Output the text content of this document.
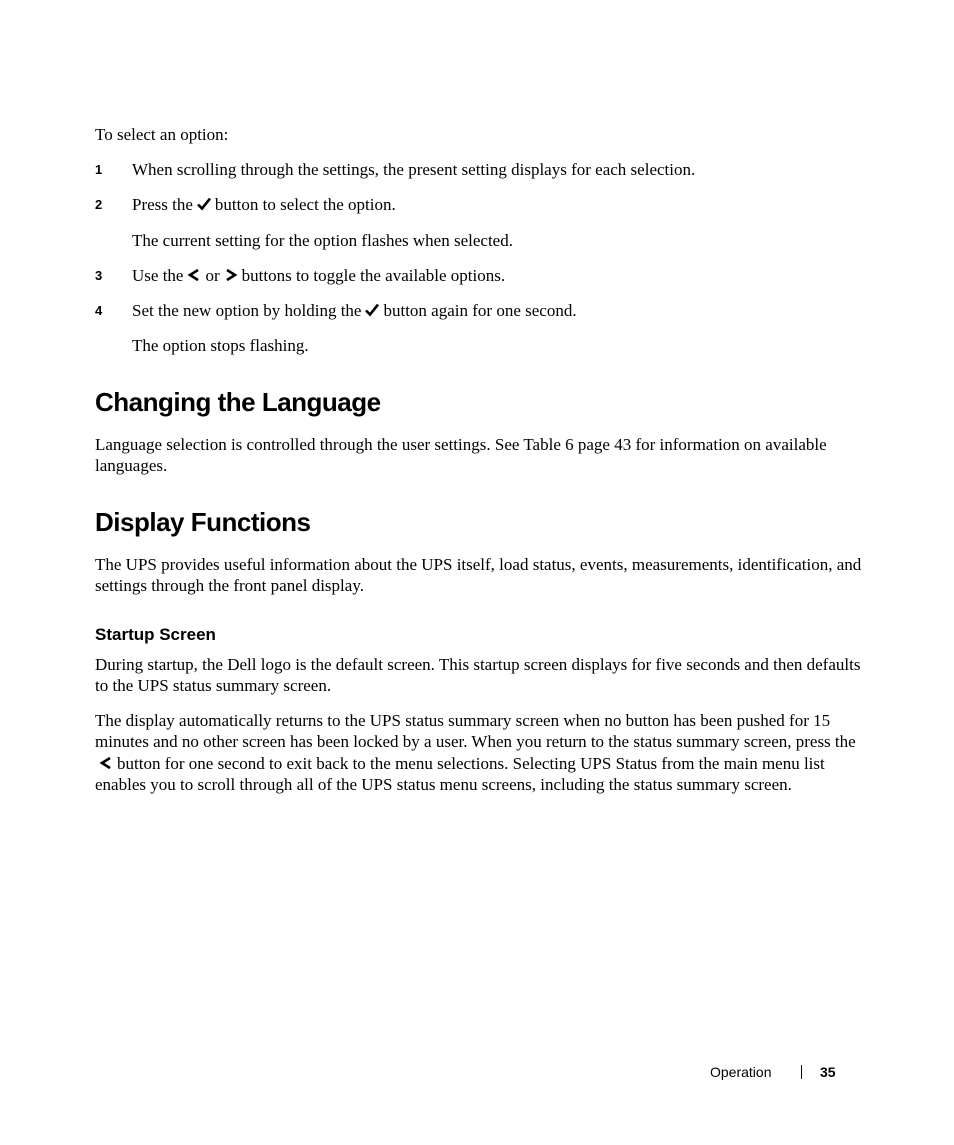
To select an option:
1 When scrolling through the settings, the present setting displays for each selection.
2 Press the button to select the option.
The current setting for the option flashes when selected.
3 Use the or buttons to toggle the available options.
4 Set the new option by holding the button again for one second.
The option stops flashing.
Changing the Language
Language selection is controlled through the user settings. See Table 6 page 43 for information on available languages.
Display Functions
The UPS provides useful information about the UPS itself, load status, events, measurements, identification, and settings through the front panel display.
Startup Screen
During startup, the Dell logo is the default screen. This startup screen displays for five seconds and then defaults to the UPS status summary screen.
The display automatically returns to the UPS status summary screen when no button has been pushed for 15 minutes and no other screen has been locked by a user. When you return to the status summary screen, press the
button for one second to exit back to the menu selections. Selecting UPS Status from the main menu list enables you to scroll through all of the UPS status menu screens, including the status summary screen.
Operation	35
